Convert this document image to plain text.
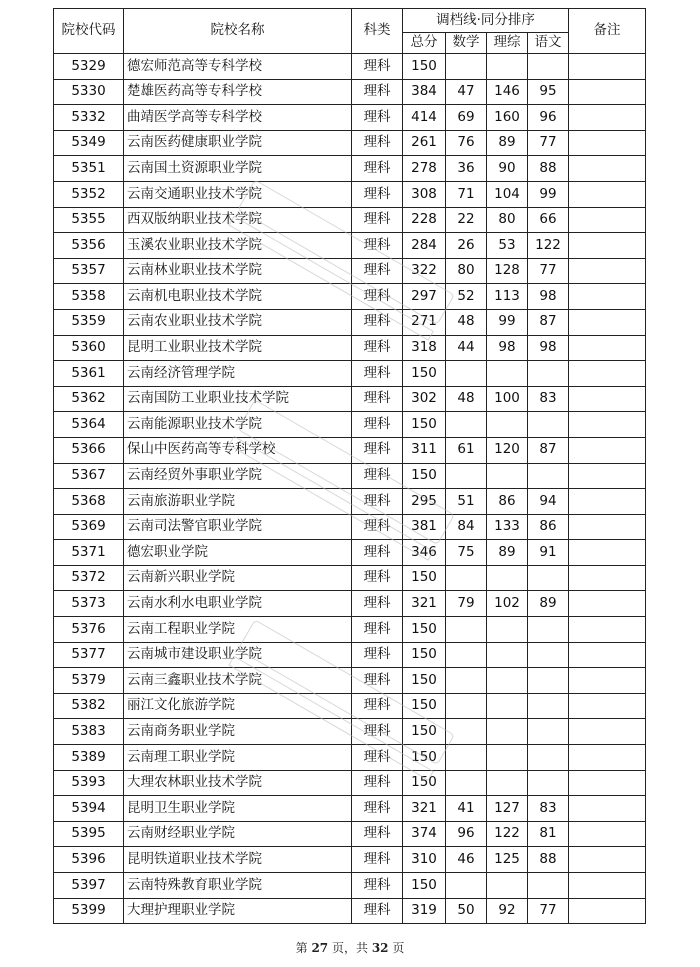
院校代码	院校名称	科类	调档线·同分排序				备注
			总分	数学	理综	语文	
5329	德宏师范高等专科学校	理科	150				
5330	楚雄医药高等专科学校	理科	384	47	146	95	
5332	曲靖医学高等专科学校	理科	414	69	160	96	
5349	云南医药健康职业学院	理科	261	76	89	77	
5351	云南国土资源职业学院	理科	278	36	90	88	
5352	云南交通职业技术学院	理科	308	71	104	99	
5355	西双版纳职业技术学院	理科	228	22	80	66	
5356	玉溪农业职业技术学院	理科	284	26	53	122	
5357	云南林业职业技术学院	理科	322	80	128	77	
5358	云南机电职业技术学院	理科	297	52	113	98	
5359	云南农业职业技术学院	理科	271	48	99	87	
5360	昆明工业职业技术学院	理科	318	44	98	98	
5361	云南经济管理学院	理科	150				
5362	云南国防工业职业技术学院	理科	302	48	100	83	
5364	云南能源职业技术学院	理科	150				
5366	保山中医药高等专科学校	理科	311	61	120	87	
5367	云南经贸外事职业学院	理科	150				
5368	云南旅游职业学院	理科	295	51	86	94	
5369	云南司法警官职业学院	理科	381	84	133	86	
5371	德宏职业学院	理科	346	75	89	91	
5372	云南新兴职业学院	理科	150				
5373	云南水利水电职业学院	理科	321	79	102	89	
5376	云南工程职业学院	理科	150				
5377	云南城市建设职业学院	理科	150				
5379	云南三鑫职业技术学院	理科	150				
5382	丽江文化旅游学院	理科	150				
5383	云南商务职业学院	理科	150				
5389	云南理工职业学院	理科	150				
5393	大理农林职业技术学院	理科	150				
5394	昆明卫生职业学院	理科	321	41	127	83	
5395	云南财经职业学院	理科	374	96	122	81	
5396	昆明铁道职业技术学院	理科	310	46	125	88	
5397	云南特殊教育职业学院	理科	150				
5399	大理护理职业学院	理科	319	50	92	77	
第 27 页，共 32 页
